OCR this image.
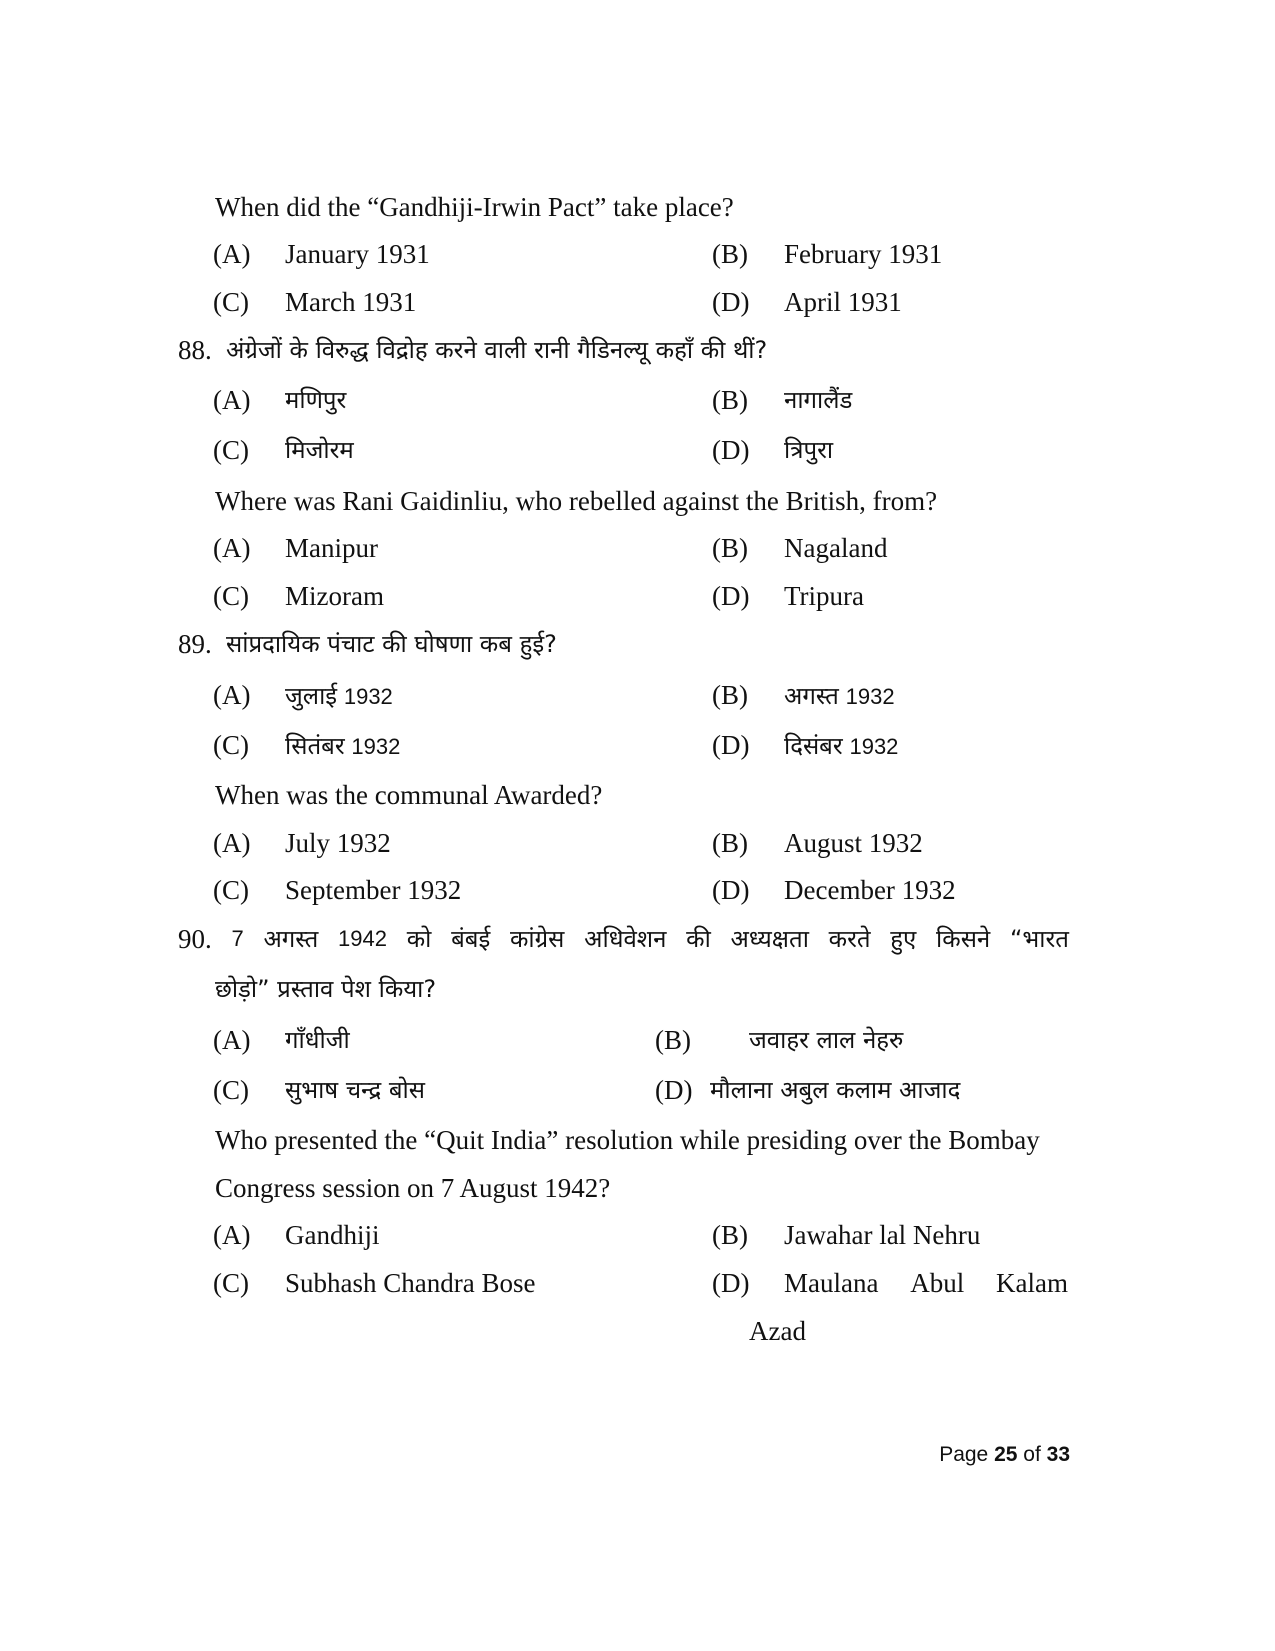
When did the “Gandhiji-Irwin Pact” take place?
(A) January 1931	(B) February 1931
(C) March 1931	(D) April 1931
88. अंग्रेजों के विरुद्ध विद्रोह करने वाली रानी गैडिनल्यू कहाँ की थीं?
(A) मणिपुर	(B) नागालैंड
(C) मिजोरम	(D) त्रिपुरा
Where was Rani Gaidinliu, who rebelled against the British, from?
(A) Manipur	(B) Nagaland
(C) Mizoram	(D) Tripura
89. सांप्रदायिक पंचाट की घोषणा कब हुई?
(A) जुलाई 1932	(B) अगस्त 1932
(C) सितंबर 1932	(D) दिसंबर 1932
When was the communal Awarded?
(A) July 1932	(B) August 1932
(C) September 1932	(D) December 1932
90. 7 अगस्त 1942 को बंबई कांग्रेस अधिवेशन की अध्यक्षता करते हुए किसने “भारत
छोड़ो” प्रस्ताव पेश किया?
(A) गाँधीजी	(B) जवाहर लाल नेहरु
(C) सुभाष चन्द्र बोस	(D) मौलाना अबुल कलाम आजाद
Who presented the “Quit India” resolution while presiding over the Bombay
Congress session on 7 August 1942?
(A) Gandhiji	(B) Jawahar lal Nehru
(C) Subhash Chandra Bose	(D) Maulana Abul Kalam
Azad
Page 25 of 33
